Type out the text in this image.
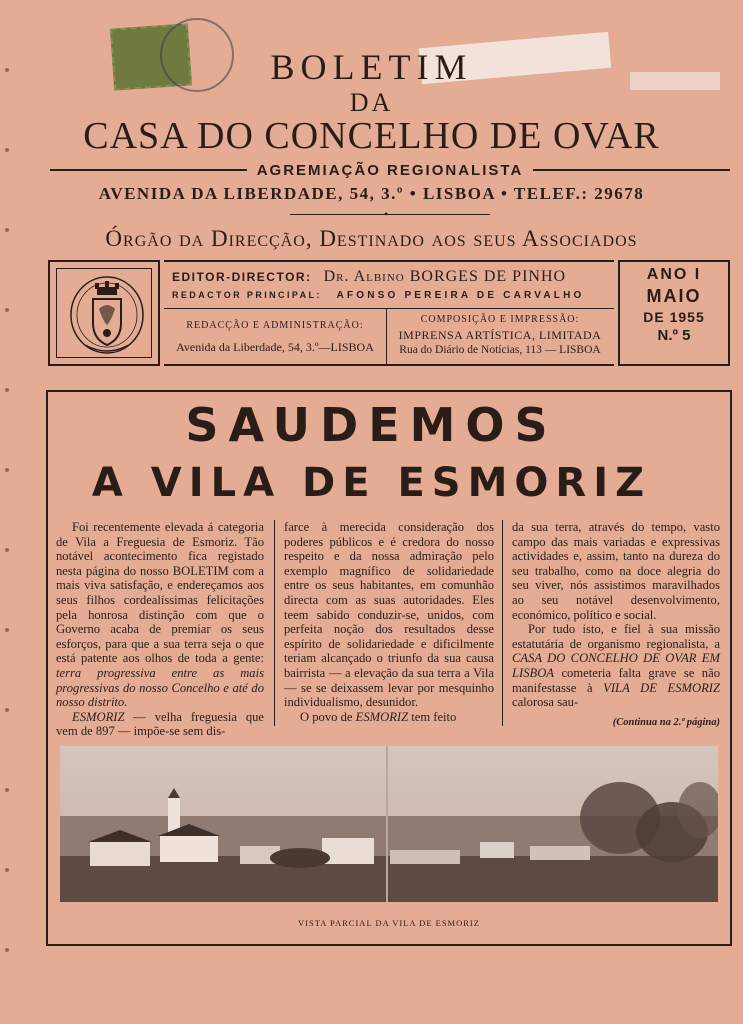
BOLETIM
DA
CASA DO CONCELHO DE OVAR
AGREMIAÇÃO REGIONALISTA
AVENIDA DA LIBERDADE, 54, 3.º • LISBOA • TELEF.: 29678
•
Órgão da Direcção, Destinado aos seus Associados
EDITOR-DIRECTOR: Dr. Albino BORGES DE PINHO
REDACTOR PRINCIPAL: AFONSO PEREIRA DE CARVALHO
REDACÇÃO E ADMINISTRAÇÃO:
Avenida da Liberdade, 54, 3.º—LISBOA
COMPOSIÇÃO E IMPRESSÃO:
IMPRENSA ARTÍSTICA, LIMITADA
Rua do Diário de Notícias, 113 — LISBOA
ANO I
MAIO
DE 1955
N.º 5
SAUDEMOS
A VILA DE ESMORIZ

Foi recentemente elevada á categoria de Vila a Freguesia de Esmoriz. Tão notável acontecimento fica registado nesta página do nosso BOLETIM com a mais viva satisfação, e endereçamos aos seus filhos cordealíssimas felicitações pela honrosa distinção com que o Governo acaba de premiar os seus esforços, para que a sua terra seja o que está patente aos olhos de toda a gente: terra progressiva entre as mais progressivas do nosso Concelho e até do nosso distrito.

ESMORIZ — velha freguesia que vem de 897 — impõe-se sem dis-

farce à merecida consideração dos poderes públicos e é credora do nosso respeito e da nossa admiração pelo exemplo magnífico de solidariedade entre os seus habitantes, em comunhão directa com as suas autoridades. Eles teem sabido conduzir-se, unidos, com perfeita noção dos resultados desse espírito de solidariedade e dificilmente teriam alcançado o triunfo da sua causa bairrista — a elevação da sua terra a Vila — se se deixassem levar por mesquinho individualismo, desunidor.

O povo de ESMORIZ tem feito

da sua terra, através do tempo, vasto campo das mais variadas e expressivas actividades e, assim, tanto na dureza do seu trabalho, como na doce alegria do seu viver, nós assistimos maravilhados ao seu notável desenvolvimento, económico, político e social.

Por tudo isto, e fiel à sua missão estatutária de organismo regionalista, a CASA DO CONCELHO DE OVAR EM LISBOA cometeria falta grave se não manifestasse à VILA DE ESMORIZ calorosa sau-

(Continua na 2.ª página)
VISTA PARCIAL DA VILA DE ESMORIZ
